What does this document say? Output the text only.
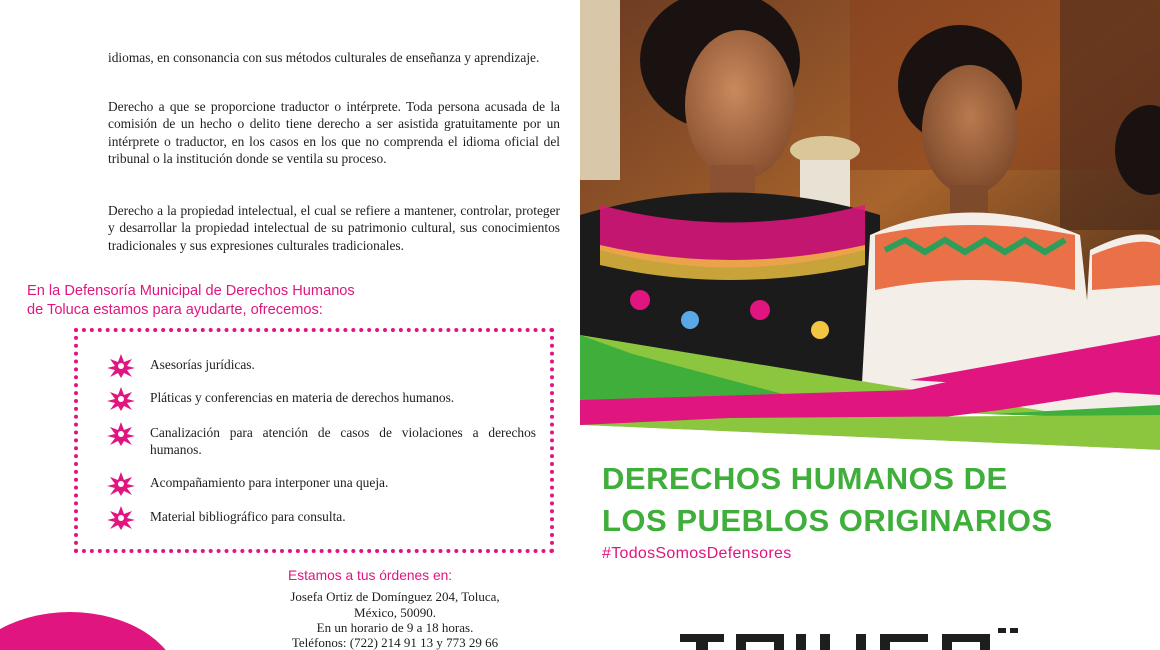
idiomas, en consonancia con sus métodos culturales de enseñanza y aprendizaje.

Derecho a que se proporcione traductor o intérprete. Toda persona acusada de la comisión de un hecho o delito tiene derecho a ser asistida gratuitamente por un intérprete o traductor, en los casos en los que no comprenda el idioma oficial del tribunal o la institución donde se ventila su proceso.

Derecho a la propiedad intelectual, el cual se refiere a mantener, controlar, proteger y desarrollar la propiedad intelectual de su patrimonio cultural, sus conocimientos tradicionales y sus expresiones culturales tradicionales.

En la Defensoría Municipal de Derechos Humanos
de Toluca estamos para ayudarte, ofrecemos:

Asesorías jurídicas.
Pláticas y conferencias en materia de derechos humanos.
Canalización para atención de casos de violaciones a derechos humanos.
Acompañamiento para interponer una queja.
Material bibliográfico para consulta.

Estamos a tus órdenes en:

Josefa Ortiz de Domínguez 204, Toluca,
México, 50090.
En un horario de 9 a 18 horas.
Teléfonos: (722) 214 91 13 y 773 29 66
DERECHOS HUMANOS DE
LOS PUEBLOS ORIGINARIOS
#TodosSomosDefensores
